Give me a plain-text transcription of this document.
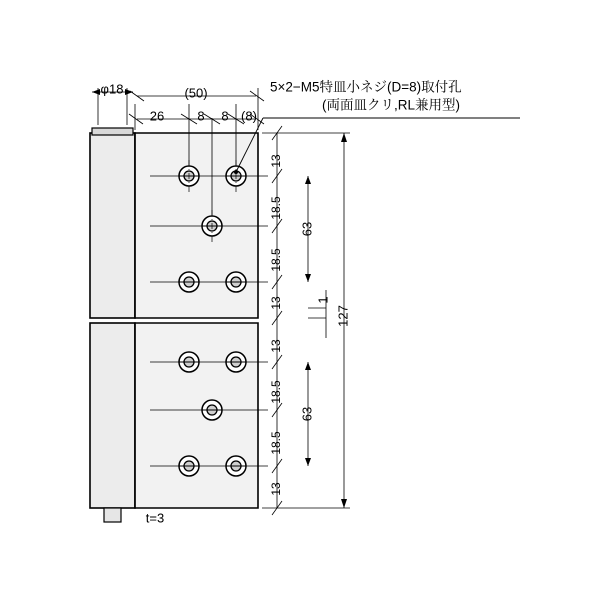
φ18	(50)
26	8 8 (8)
t=3
5×2−M5特皿小ネジ(D=8)取付孔
(両面皿クリ,RL兼用型)
13
18.5
18.5
13
13
18.5
18.5
13
63
63
1
127
